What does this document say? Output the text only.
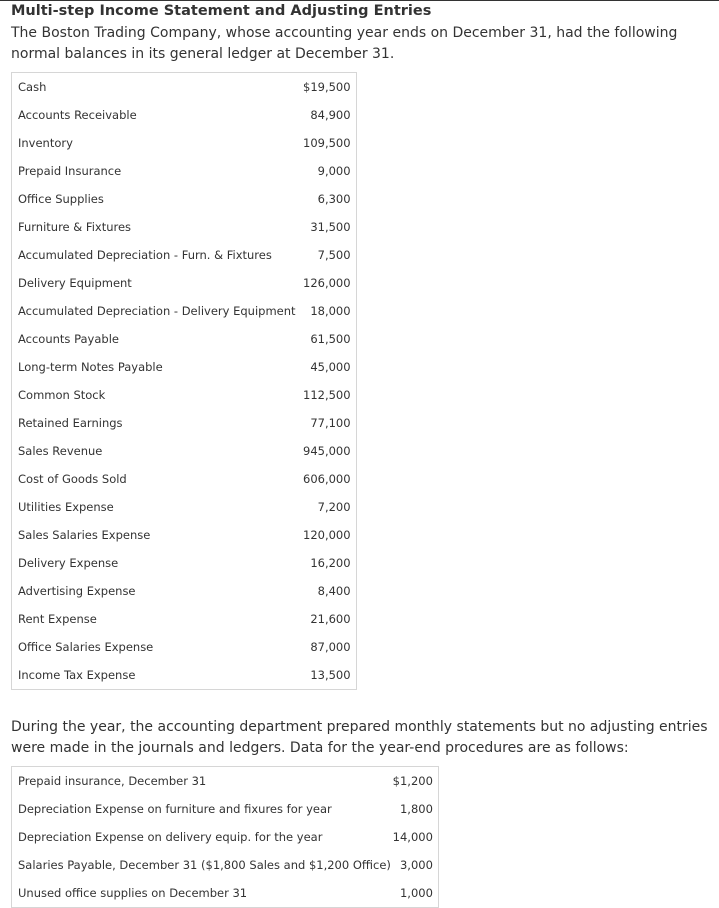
Multi-step Income Statement and Adjusting Entries
The Boston Trading Company, whose accounting year ends on December 31, had the following normal balances in its general ledger at December 31.
Cash	$19,500
Accounts Receivable	84,900
Inventory	109,500
Prepaid Insurance	9,000
Office Supplies	6,300
Furniture & Fixtures	31,500
Accumulated Depreciation - Furn. & Fixtures	7,500
Delivery Equipment	126,000
Accumulated Depreciation - Delivery Equipment	18,000
Accounts Payable	61,500
Long-term Notes Payable	45,000
Common Stock	112,500
Retained Earnings	77,100
Sales Revenue	945,000
Cost of Goods Sold	606,000
Utilities Expense	7,200
Sales Salaries Expense	120,000
Delivery Expense	16,200
Advertising Expense	8,400
Rent Expense	21,600
Office Salaries Expense	87,000
Income Tax Expense	13,500
During the year, the accounting department prepared monthly statements but no adjusting entries were made in the journals and ledgers. Data for the year-end procedures are as follows:
Prepaid insurance, December 31	$1,200
Depreciation Expense on furniture and fixures for year	1,800
Depreciation Expense on delivery equip. for the year	14,000
Salaries Payable, December 31 ($1,800 Sales and $1,200 Office)	3,000
Unused office supplies on December 31	1,000
